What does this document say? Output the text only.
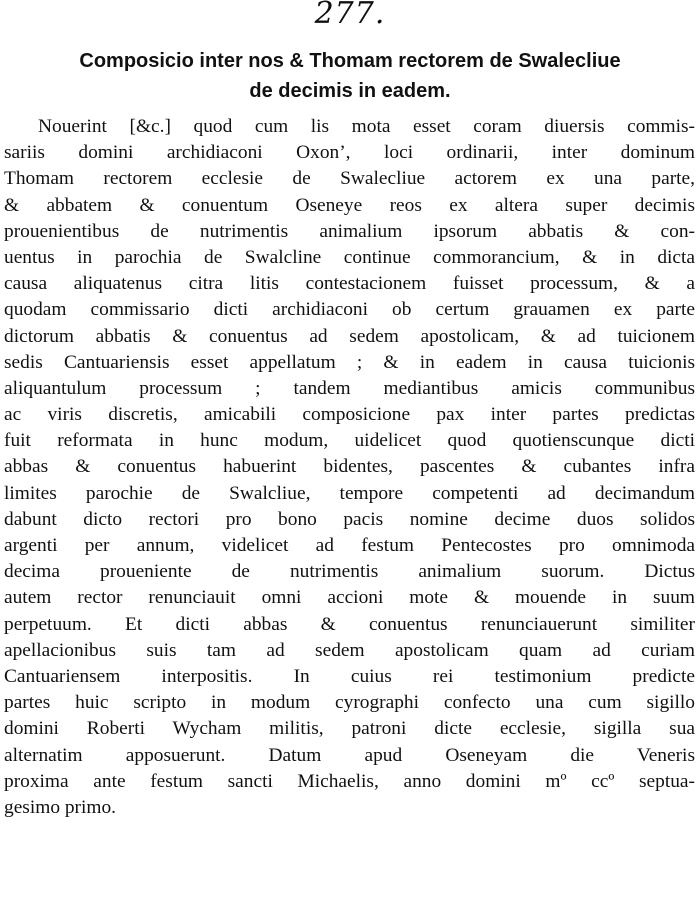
277.
Composicio inter nos & Thomam rectorem de Swalecliue
de decimis in eadem.
Nouerint [&c.] quod cum lis mota esset coram diuersis commis-
sariis domini archidiaconi Oxon’, loci ordinarii, inter dominum
Thomam rectorem ecclesie de Swalecliue actorem ex una parte,
& abbatem & conuentum Oseneye reos ex altera super decimis
prouenientibus de nutrimentis animalium ipsorum abbatis & con-
uentus in parochia de Swalcline continue commorancium, & in dicta
causa aliquatenus citra litis contestacionem fuisset processum, & a
quodam commissario dicti archidiaconi ob certum grauamen ex parte
dictorum abbatis & conuentus ad sedem apostolicam, & ad tuicionem
sedis Cantuariensis esset appellatum ; & in eadem in causa tuicionis
aliquantulum processum ; tandem mediantibus amicis communibus
ac viris discretis, amicabili composicione pax inter partes predictas
fuit reformata in hunc modum, uidelicet quod quotienscunque dicti
abbas & conuentus habuerint bidentes, pascentes & cubantes infra
limites parochie de Swalcliue, tempore competenti ad decimandum
dabunt dicto rectori pro bono pacis nomine decime duos solidos
argenti per annum, videlicet ad festum Pentecostes pro omnimoda
decima proueniente de nutrimentis animalium suorum. Dictus
autem rector renunciauit omni accioni mote & mouende in suum
perpetuum. Et dicti abbas & conuentus renunciauerunt similiter
apellacionibus suis tam ad sedem apostolicam quam ad curiam
Cantuariensem interpositis. In cuius rei testimonium predicte
partes huic scripto in modum cyrographi confecto una cum sigillo
domini Roberti Wycham militis, patroni dicte ecclesie, sigilla sua
alternatim apposuerunt. Datum apud Oseneyam die Veneris
proxima ante festum sancti Michaelis, anno domini mº ccº septua-
gesimo primo.
